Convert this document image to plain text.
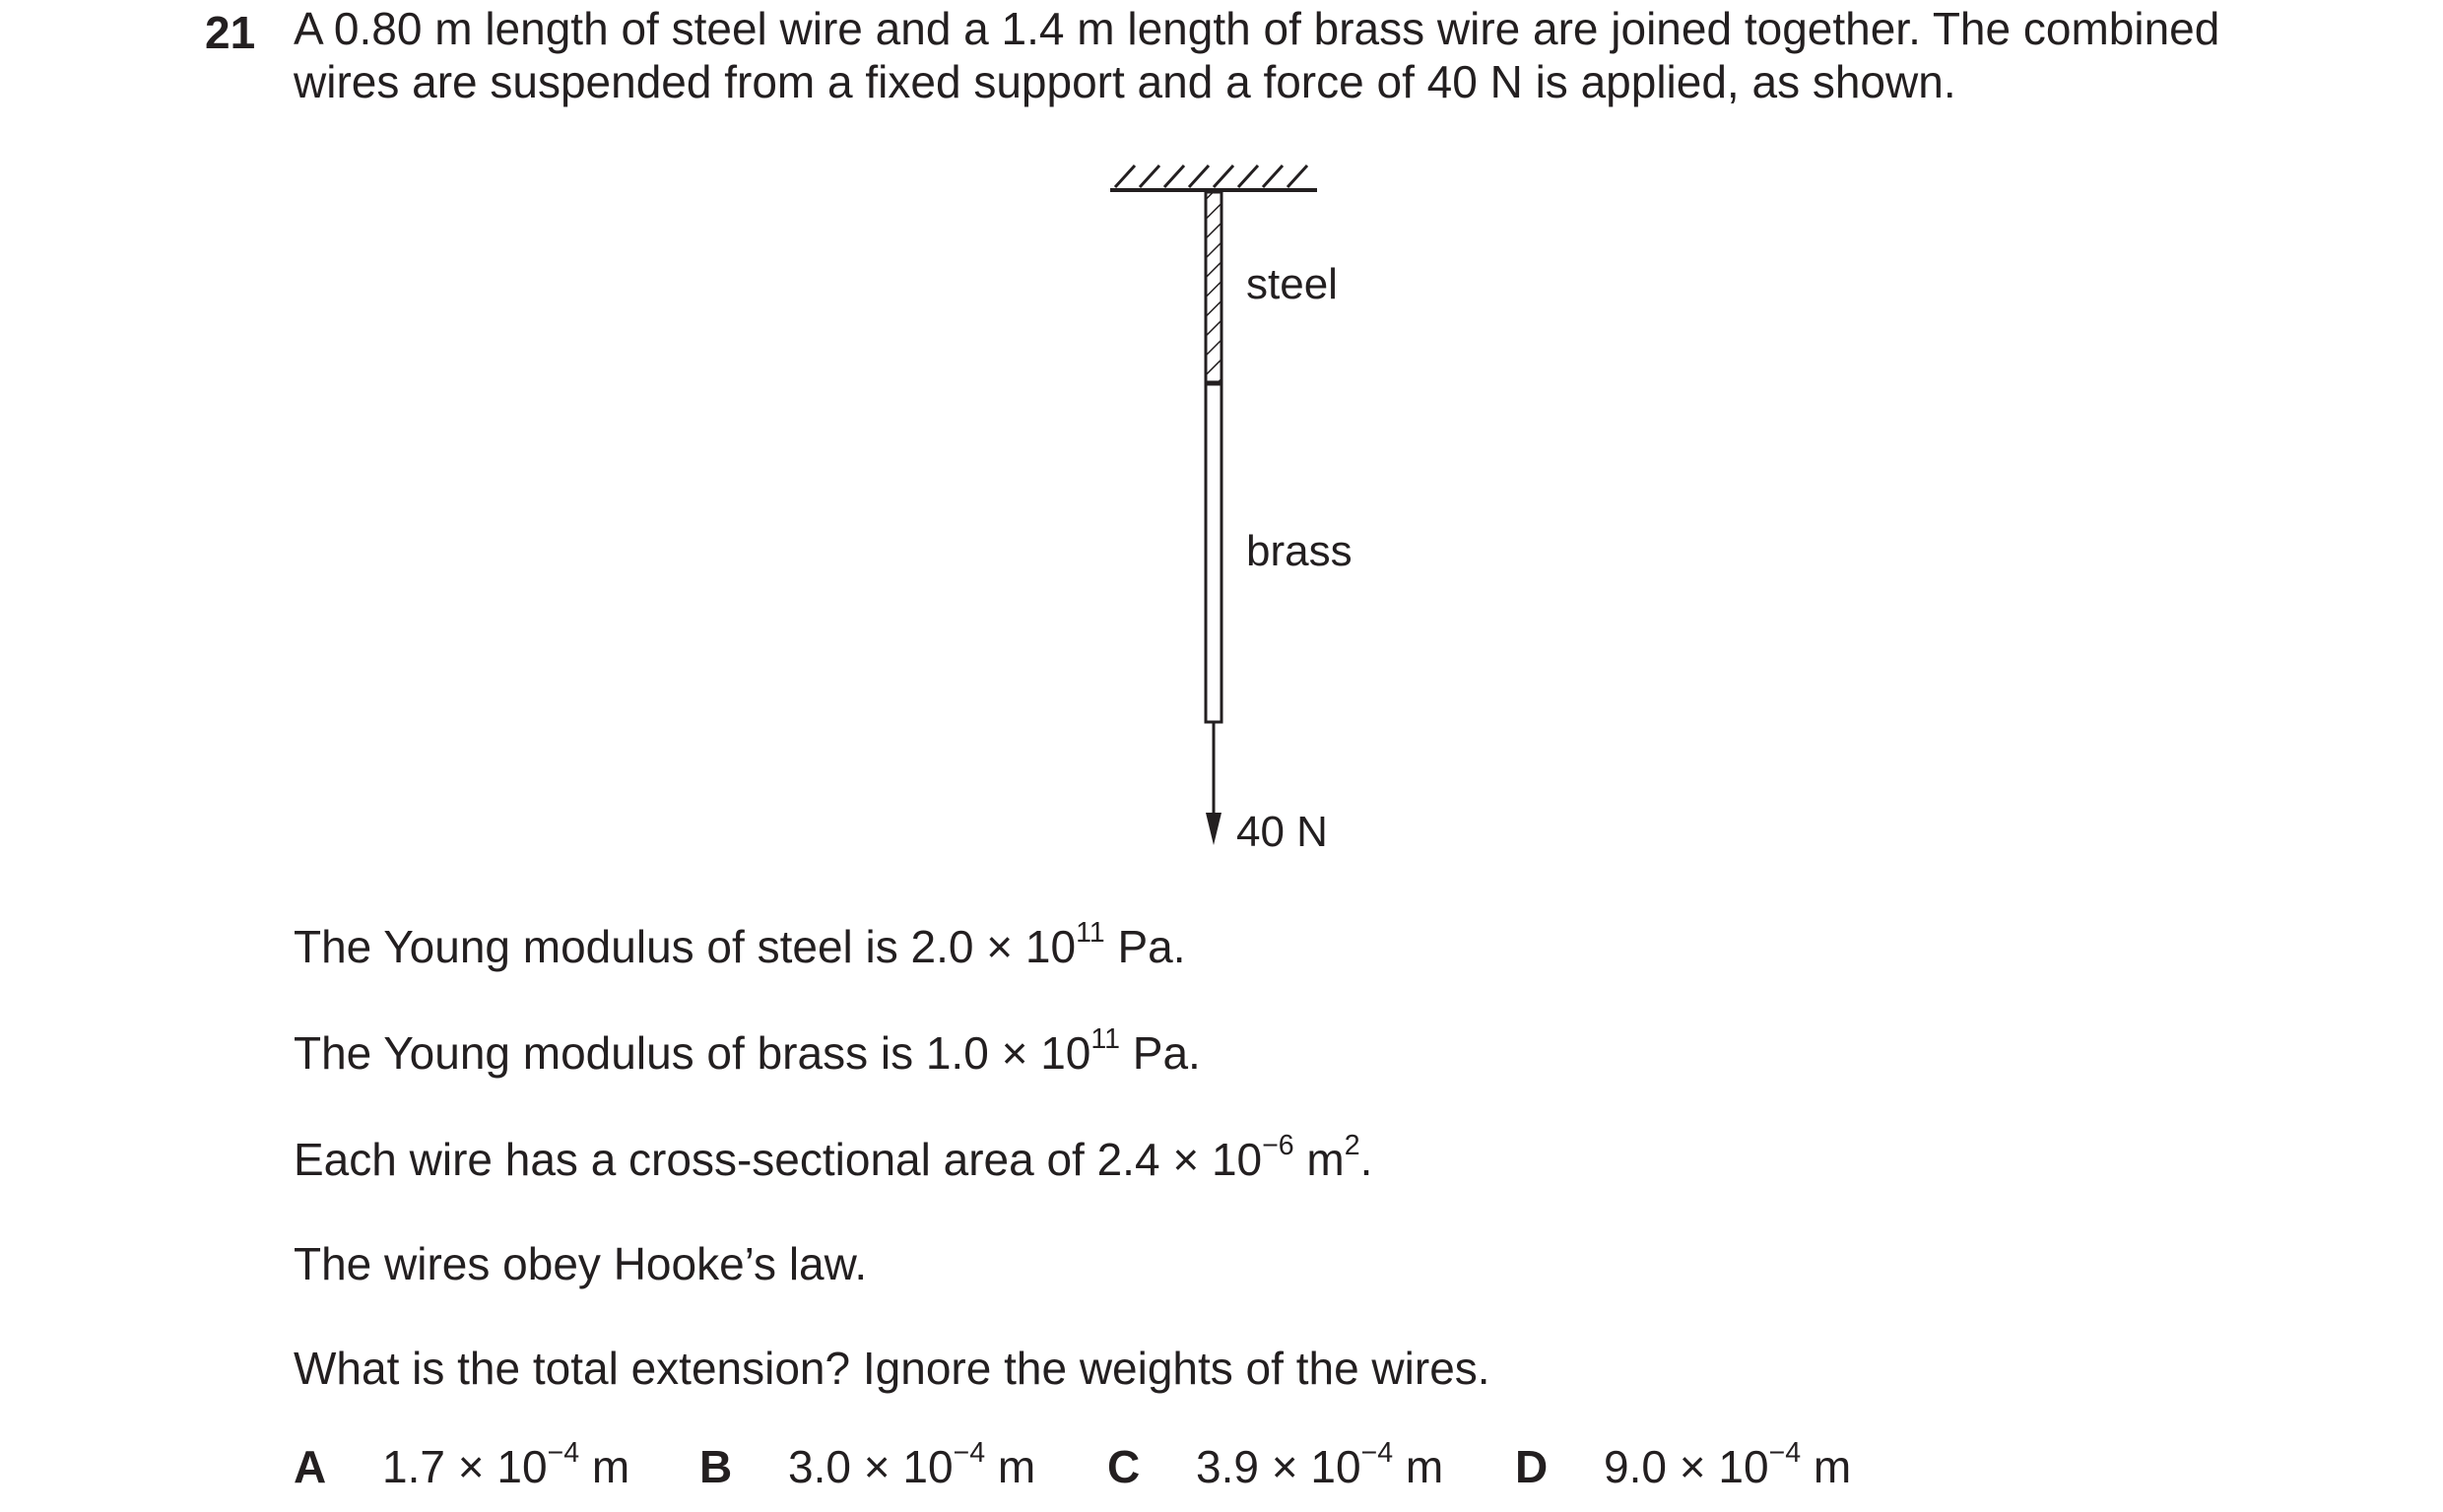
21 A 0.80 m length of steel wire and a 1.4 m length of brass wire are joined together. The combined
wires are suspended from a fixed support and a force of 40 N is applied, as shown.
steel
brass
40 N
The Young modulus of steel is $2.0 \times 10^{11}$ Pa.
The Young modulus of brass is $1.0 \times 10^{11}$ Pa.
Each wire has a cross-sectional area of $2.4 \times 10^{-6}$ $m^2$.
The wires obey Hooke’s law.
What is the total extension? Ignore the weights of the wires.
A $1.7 \times 10^{-4}$ m B $3.0 \times 10^{-4}$ m C $3.9 \times 10^{-4}$ m D $9.0 \times 10^{-4}$ m
